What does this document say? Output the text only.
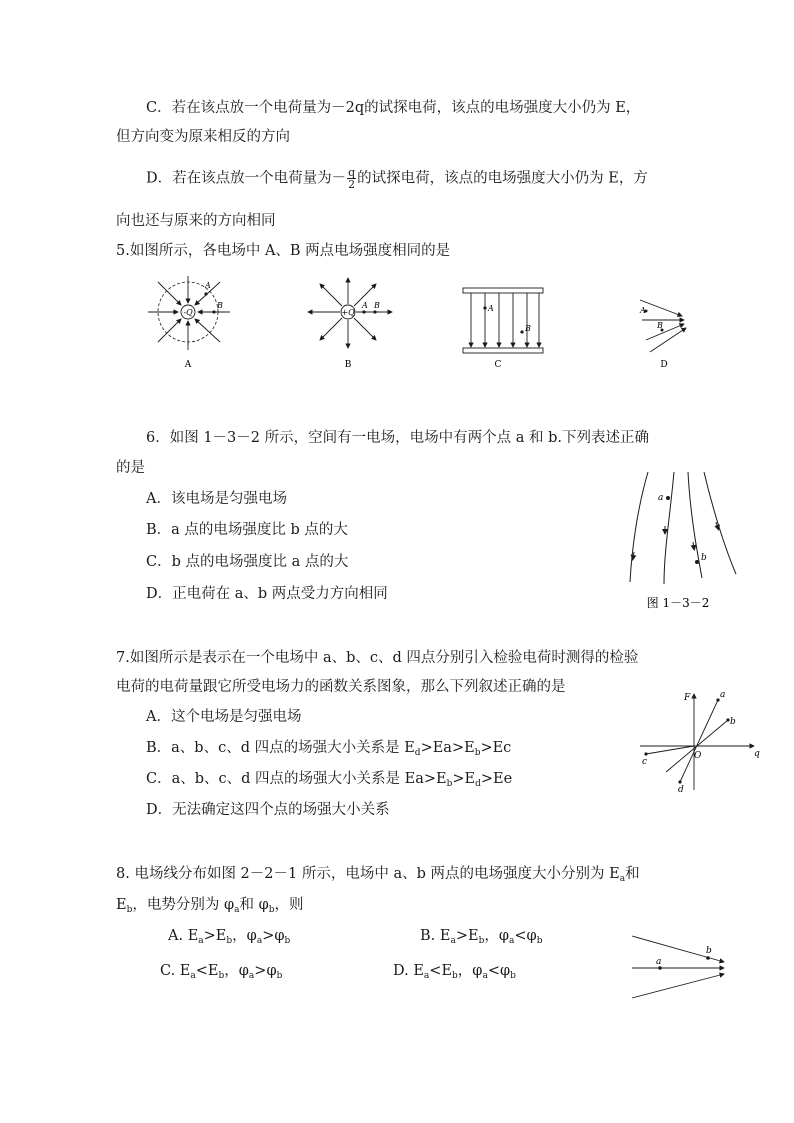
C．若在该点放一个电荷量为－2q的试探电荷，该点的电场强度大小仍为 E，
但方向变为原来相反的方向
D．若在该点放一个电荷量为－ $\frac{q}{2}$ 的试探电荷，该点的电场强度大小仍为 E，方
向也还与原来的方向相同
5.如图所示，各电场中 A、B 两点电场强度相同的是
-Q
A
B
A
+Q
A B
B
A
B
C
A
B
D
6．如图 1－3－2 所示，空间有一电场，电场中有两个点 a 和 b.下列表述正确
的是
A．该电场是匀强电场
B．a 点的电场强度比 b 点的大
C．b 点的电场强度比 a 点的大
D．正电荷在 a、b 两点受力方向相同
a
b
图 1－3－2
7.如图所示是表示在一个电场中 a、b、c、d 四点分别引入检验电荷时测得的检验
电荷的电荷量跟它所受电场力的函数关系图象，那么下列叙述正确的是
A．这个电场是匀强电场
B．a、b、c、d 四点的场强大小关系是 $E_d>Ea>E_b>Ec$
C．a、b、c、d 四点的场强大小关系是 $Ea>E_b>E_d>Ee$
D．无法确定这四个点的场强大小关系
F
q
O
a
b
c
d
8. 电场线分布如图 2－2－1 所示，电场中 a、b 两点的电场强度大小分别为 $E_a$和
$E_b$，电势分别为 $\varphi_a$和 $\varphi_b$，则
A. $E_a>E_b$，$\varphi_a>\varphi_b$	B. $E_a>E_b$，$\varphi_a<\varphi_b$
C. $E_a<E_b$，$\varphi_a>\varphi_b$	D. $E_a<E_b$，$\varphi_a<\varphi_b$
a
b
